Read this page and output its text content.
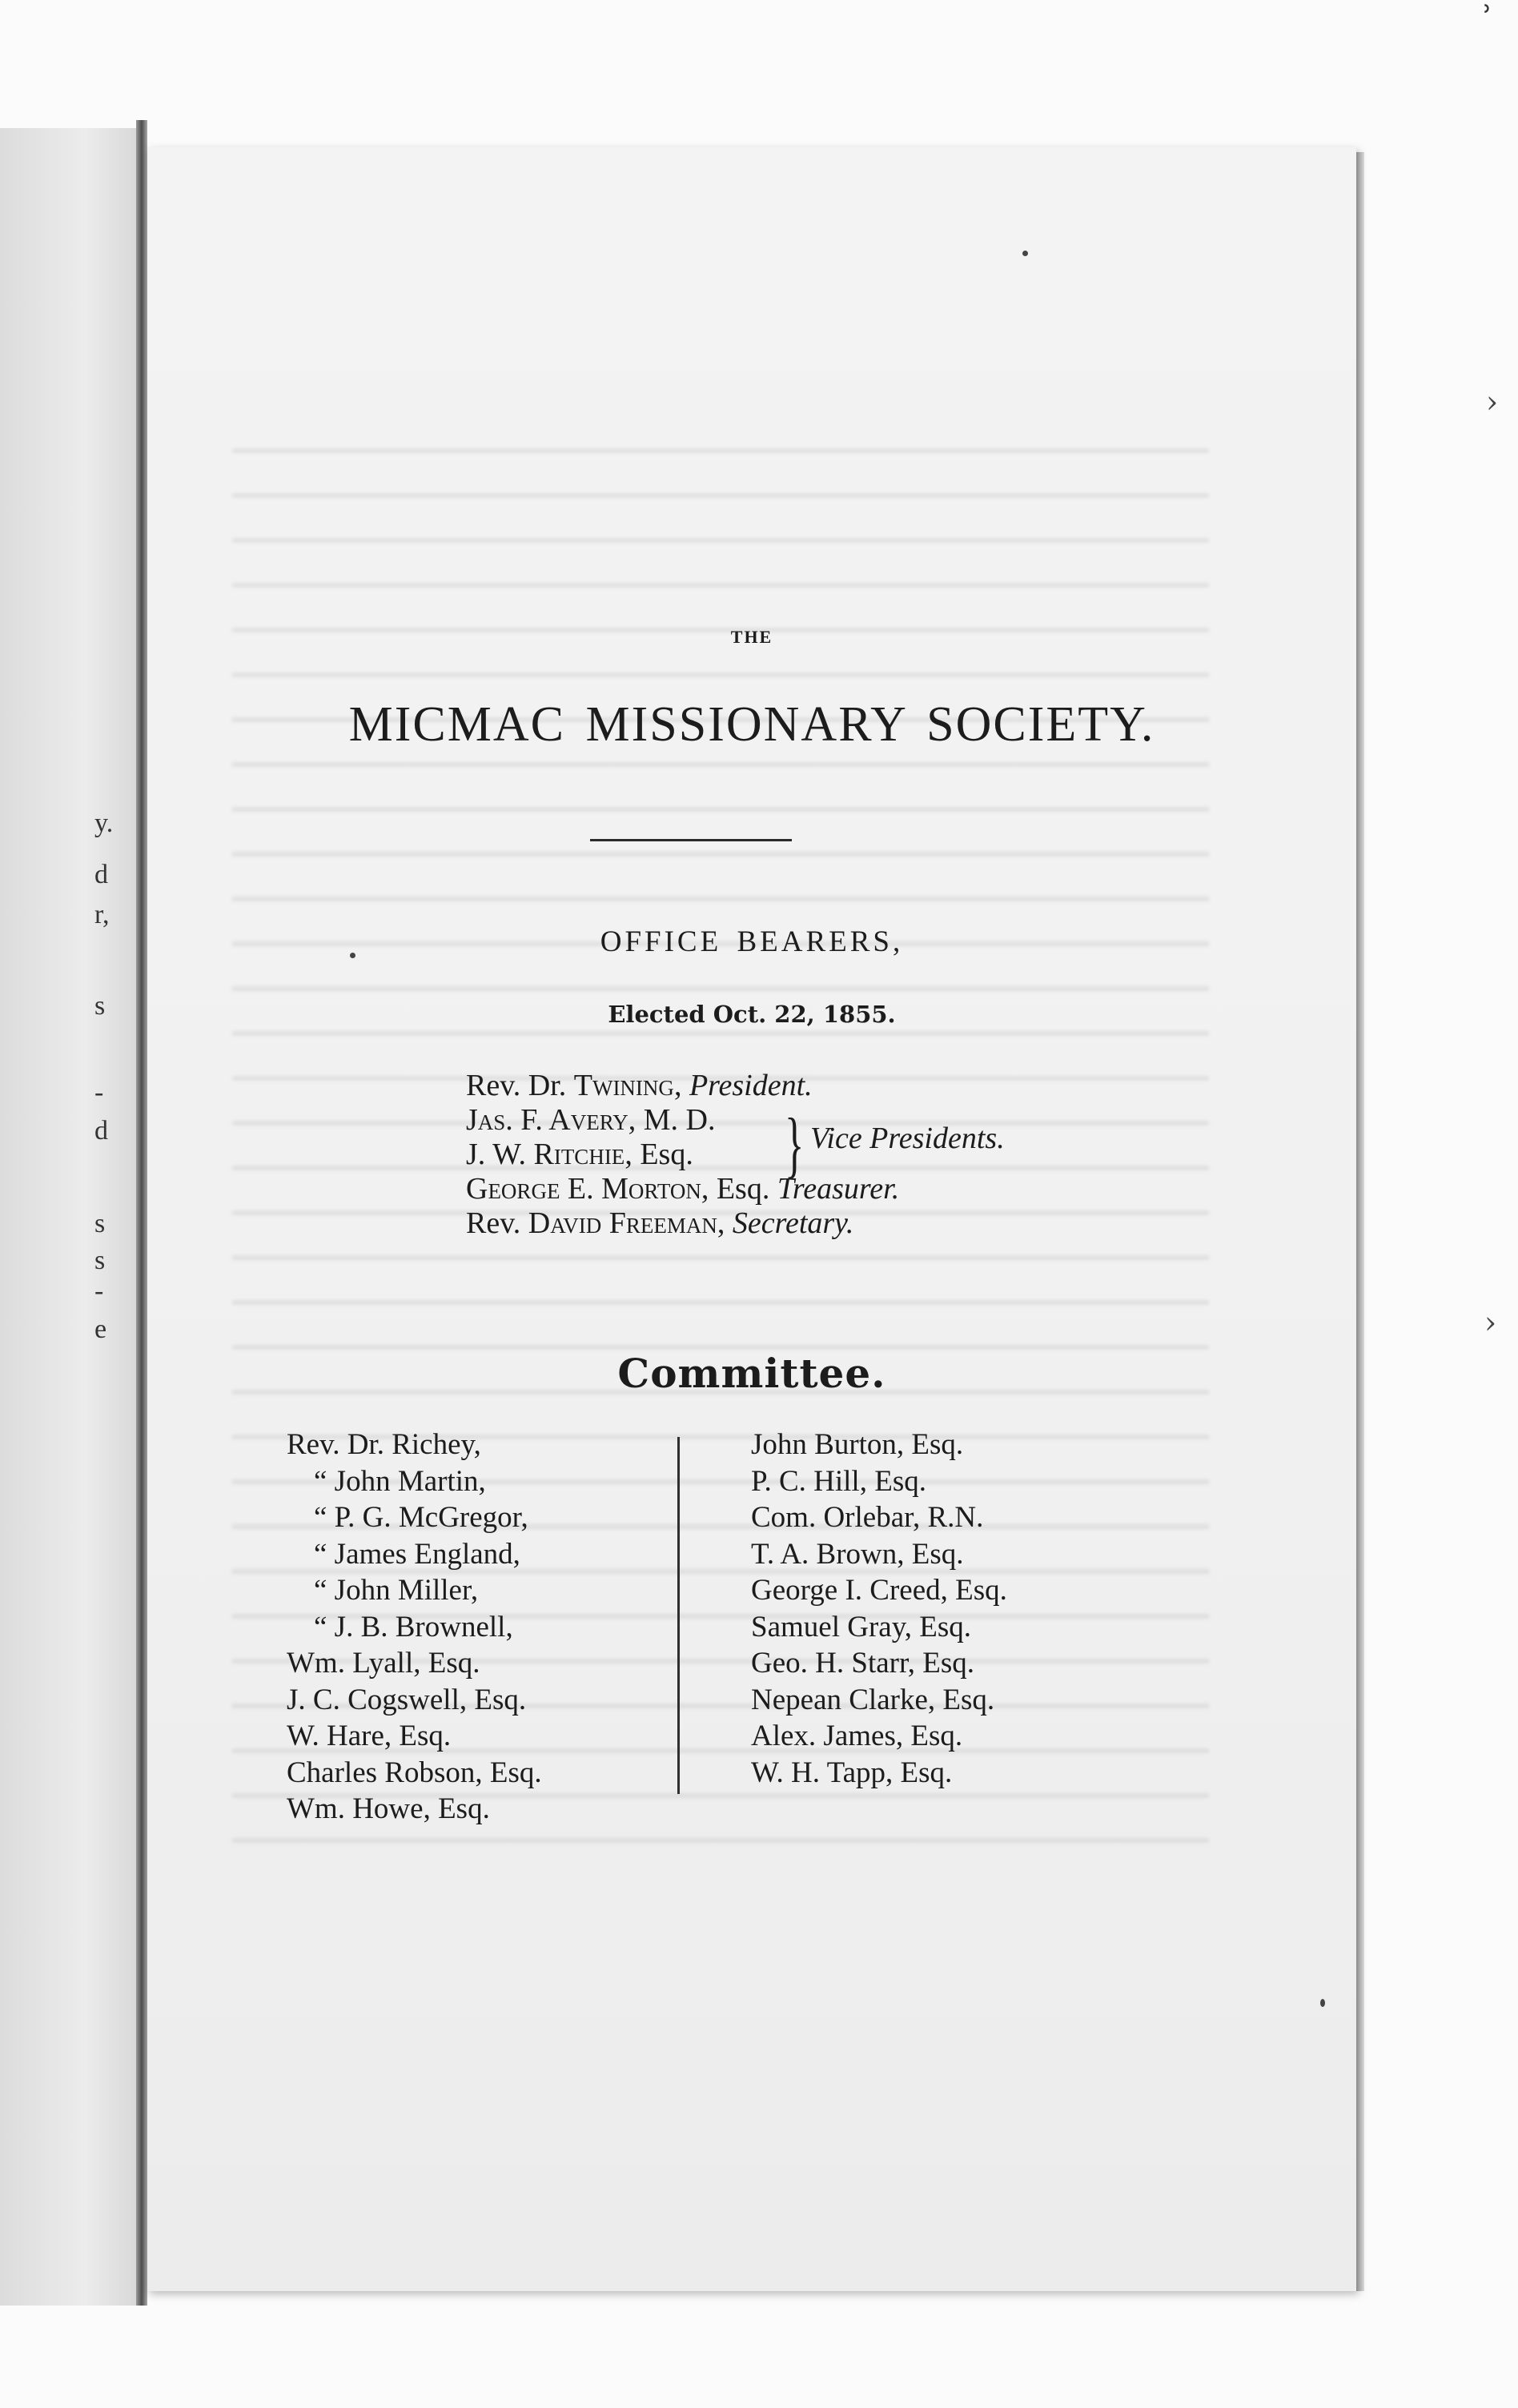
y.
d
r,
s
-
d
s
s
-
e
ʾ
›
›
THE
MICMAC MISSIONARY SOCIETY.
OFFICE BEARERS,
Elected Oct. 22, 1855.
Rev. Dr. Twining, President.
Jas. F. Avery, M. D.
J. W. Ritchie, Esq.
George E. Morton, Esq. Treasurer.
Rev. David Freeman, Secretary.
} Vice Presidents.
Committee.
Rev. Dr. Richey,
“ John Martin,
“ P. G. McGregor,
“ James England,
“ John Miller,
“ J. B. Brownell,
Wm. Lyall, Esq.
J. C. Cogswell, Esq.
W. Hare, Esq.
Charles Robson, Esq.
Wm. Howe, Esq.
John Burton, Esq.
P. C. Hill, Esq.
Com. Orlebar, R.N.
T. A. Brown, Esq.
George I. Creed, Esq.
Samuel Gray, Esq.
Geo. H. Starr, Esq.
Nepean Clarke, Esq.
Alex. James, Esq.
W. H. Tapp, Esq.
